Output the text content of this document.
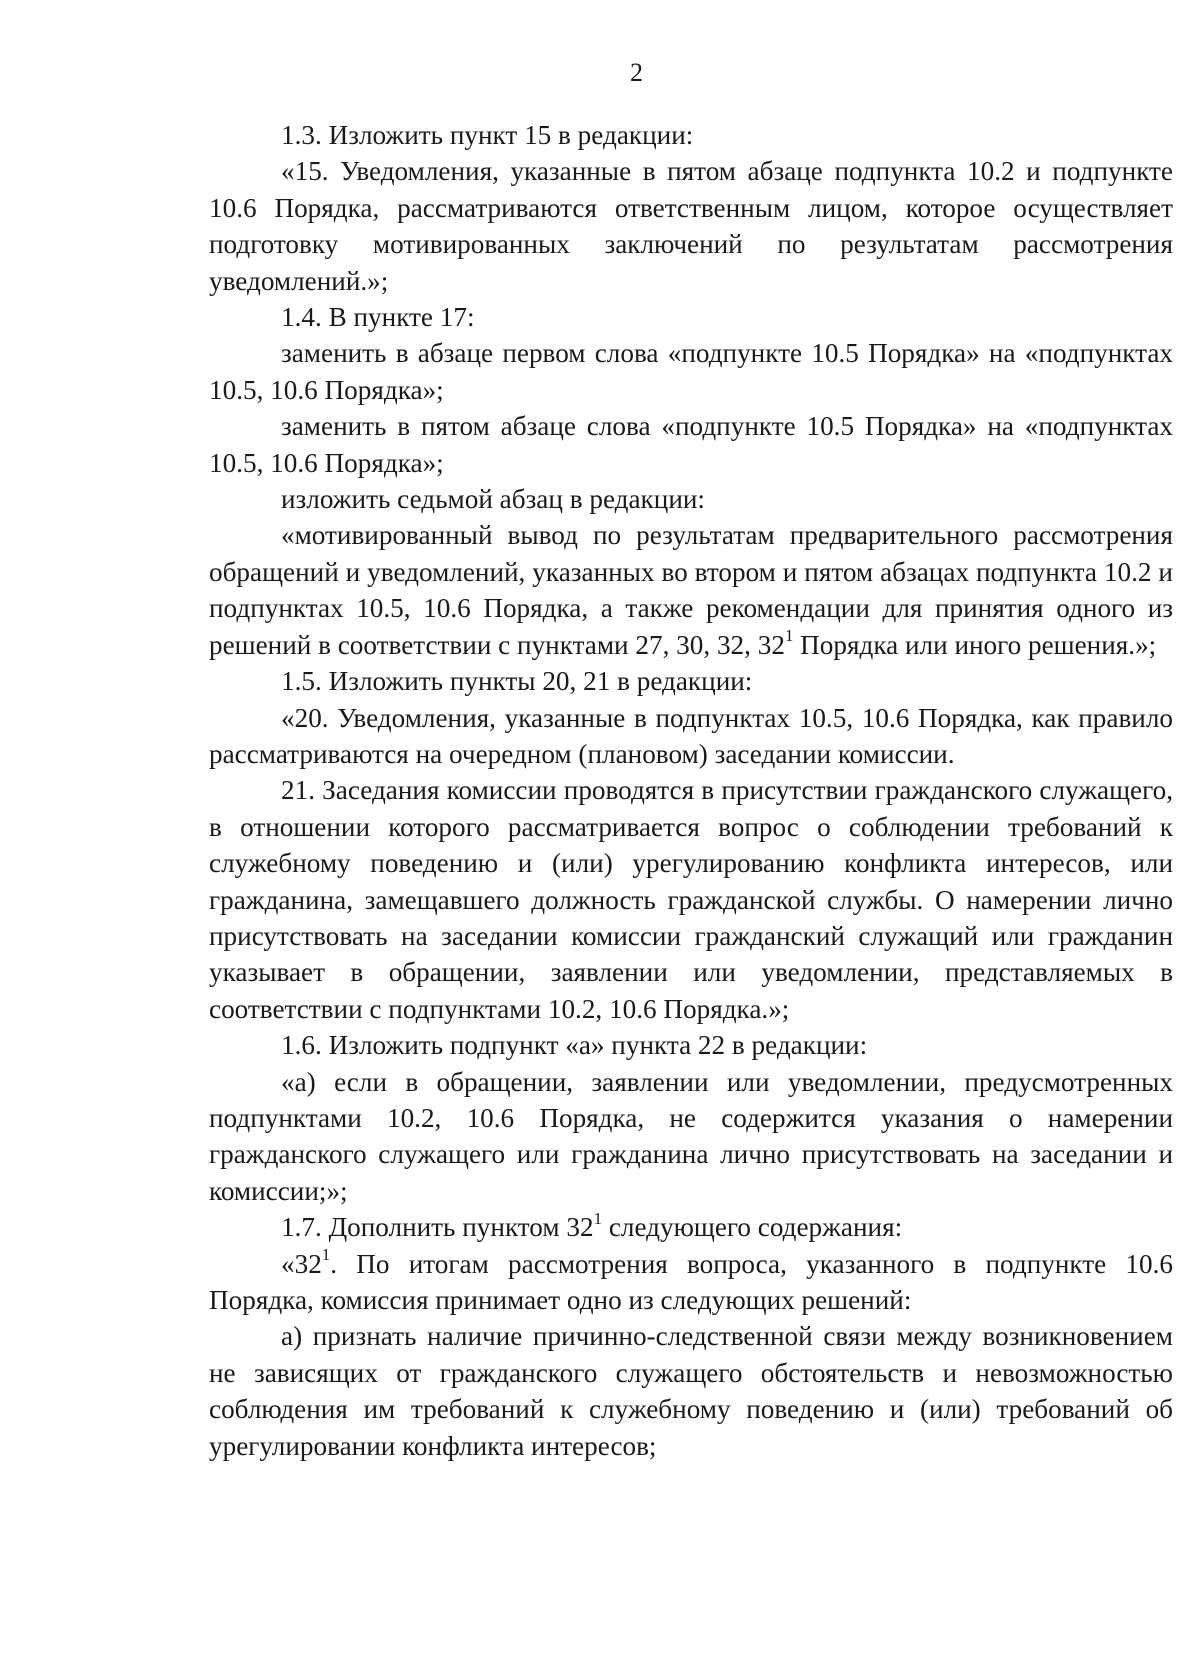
2

1.3. Изложить пункт 15 в редакции:

«15. Уведомления, указанные в пятом абзаце подпункта 10.2 и подпункте 10.6 Порядка, рассматриваются ответственным лицом, которое осуществляет подготовку мотивированных заключений по результатам рассмотрения уведомлений.»;

1.4. В пункте 17:

заменить в абзаце первом слова «подпункте 10.5 Порядка» на «подпунктах 10.5, 10.6 Порядка»;

заменить в пятом абзаце слова «подпункте 10.5 Порядка» на «подпунктах 10.5, 10.6 Порядка»;

изложить седьмой абзац в редакции:

«мотивированный вывод по результатам предварительного рассмотрения обращений и уведомлений, указанных во втором и пятом абзацах подпункта 10.2 и подпунктах 10.5, 10.6 Порядка, а также рекомендации для принятия одного из решений в соответствии с пунктами 27, 30, 32, $32^1$ Порядка или иного решения.»;

1.5. Изложить пункты 20, 21 в редакции:

«20. Уведомления, указанные в подпунктах 10.5, 10.6 Порядка, как правило рассматриваются на очередном (плановом) заседании комиссии.

21. Заседания комиссии проводятся в присутствии гражданского служащего, в отношении которого рассматривается вопрос о соблюдении требований к служебному поведению и (или) урегулированию конфликта интересов, или гражданина, замещавшего должность гражданской службы. О намерении лично присутствовать на заседании комиссии гражданский служащий или гражданин указывает в обращении, заявлении или уведомлении, представляемых в соответствии с подпунктами 10.2, 10.6 Порядка.»;

1.6. Изложить подпункт «а» пункта 22 в редакции:

«а) если в обращении, заявлении или уведомлении, предусмотренных подпунктами 10.2, 10.6 Порядка, не содержится указания о намерении гражданского служащего или гражданина лично присутствовать на заседании и комиссии;»;

1.7. Дополнить пунктом $32^1$ следующего содержания:

«$32^1$. По итогам рассмотрения вопроса, указанного в подпункте 10.6 Порядка, комиссия принимает одно из следующих решений:

а) признать наличие причинно-следственной связи между возникновением не зависящих от гражданского служащего обстоятельств и невозможностью соблюдения им требований к служебному поведению и (или) требований об урегулировании конфликта интересов;
